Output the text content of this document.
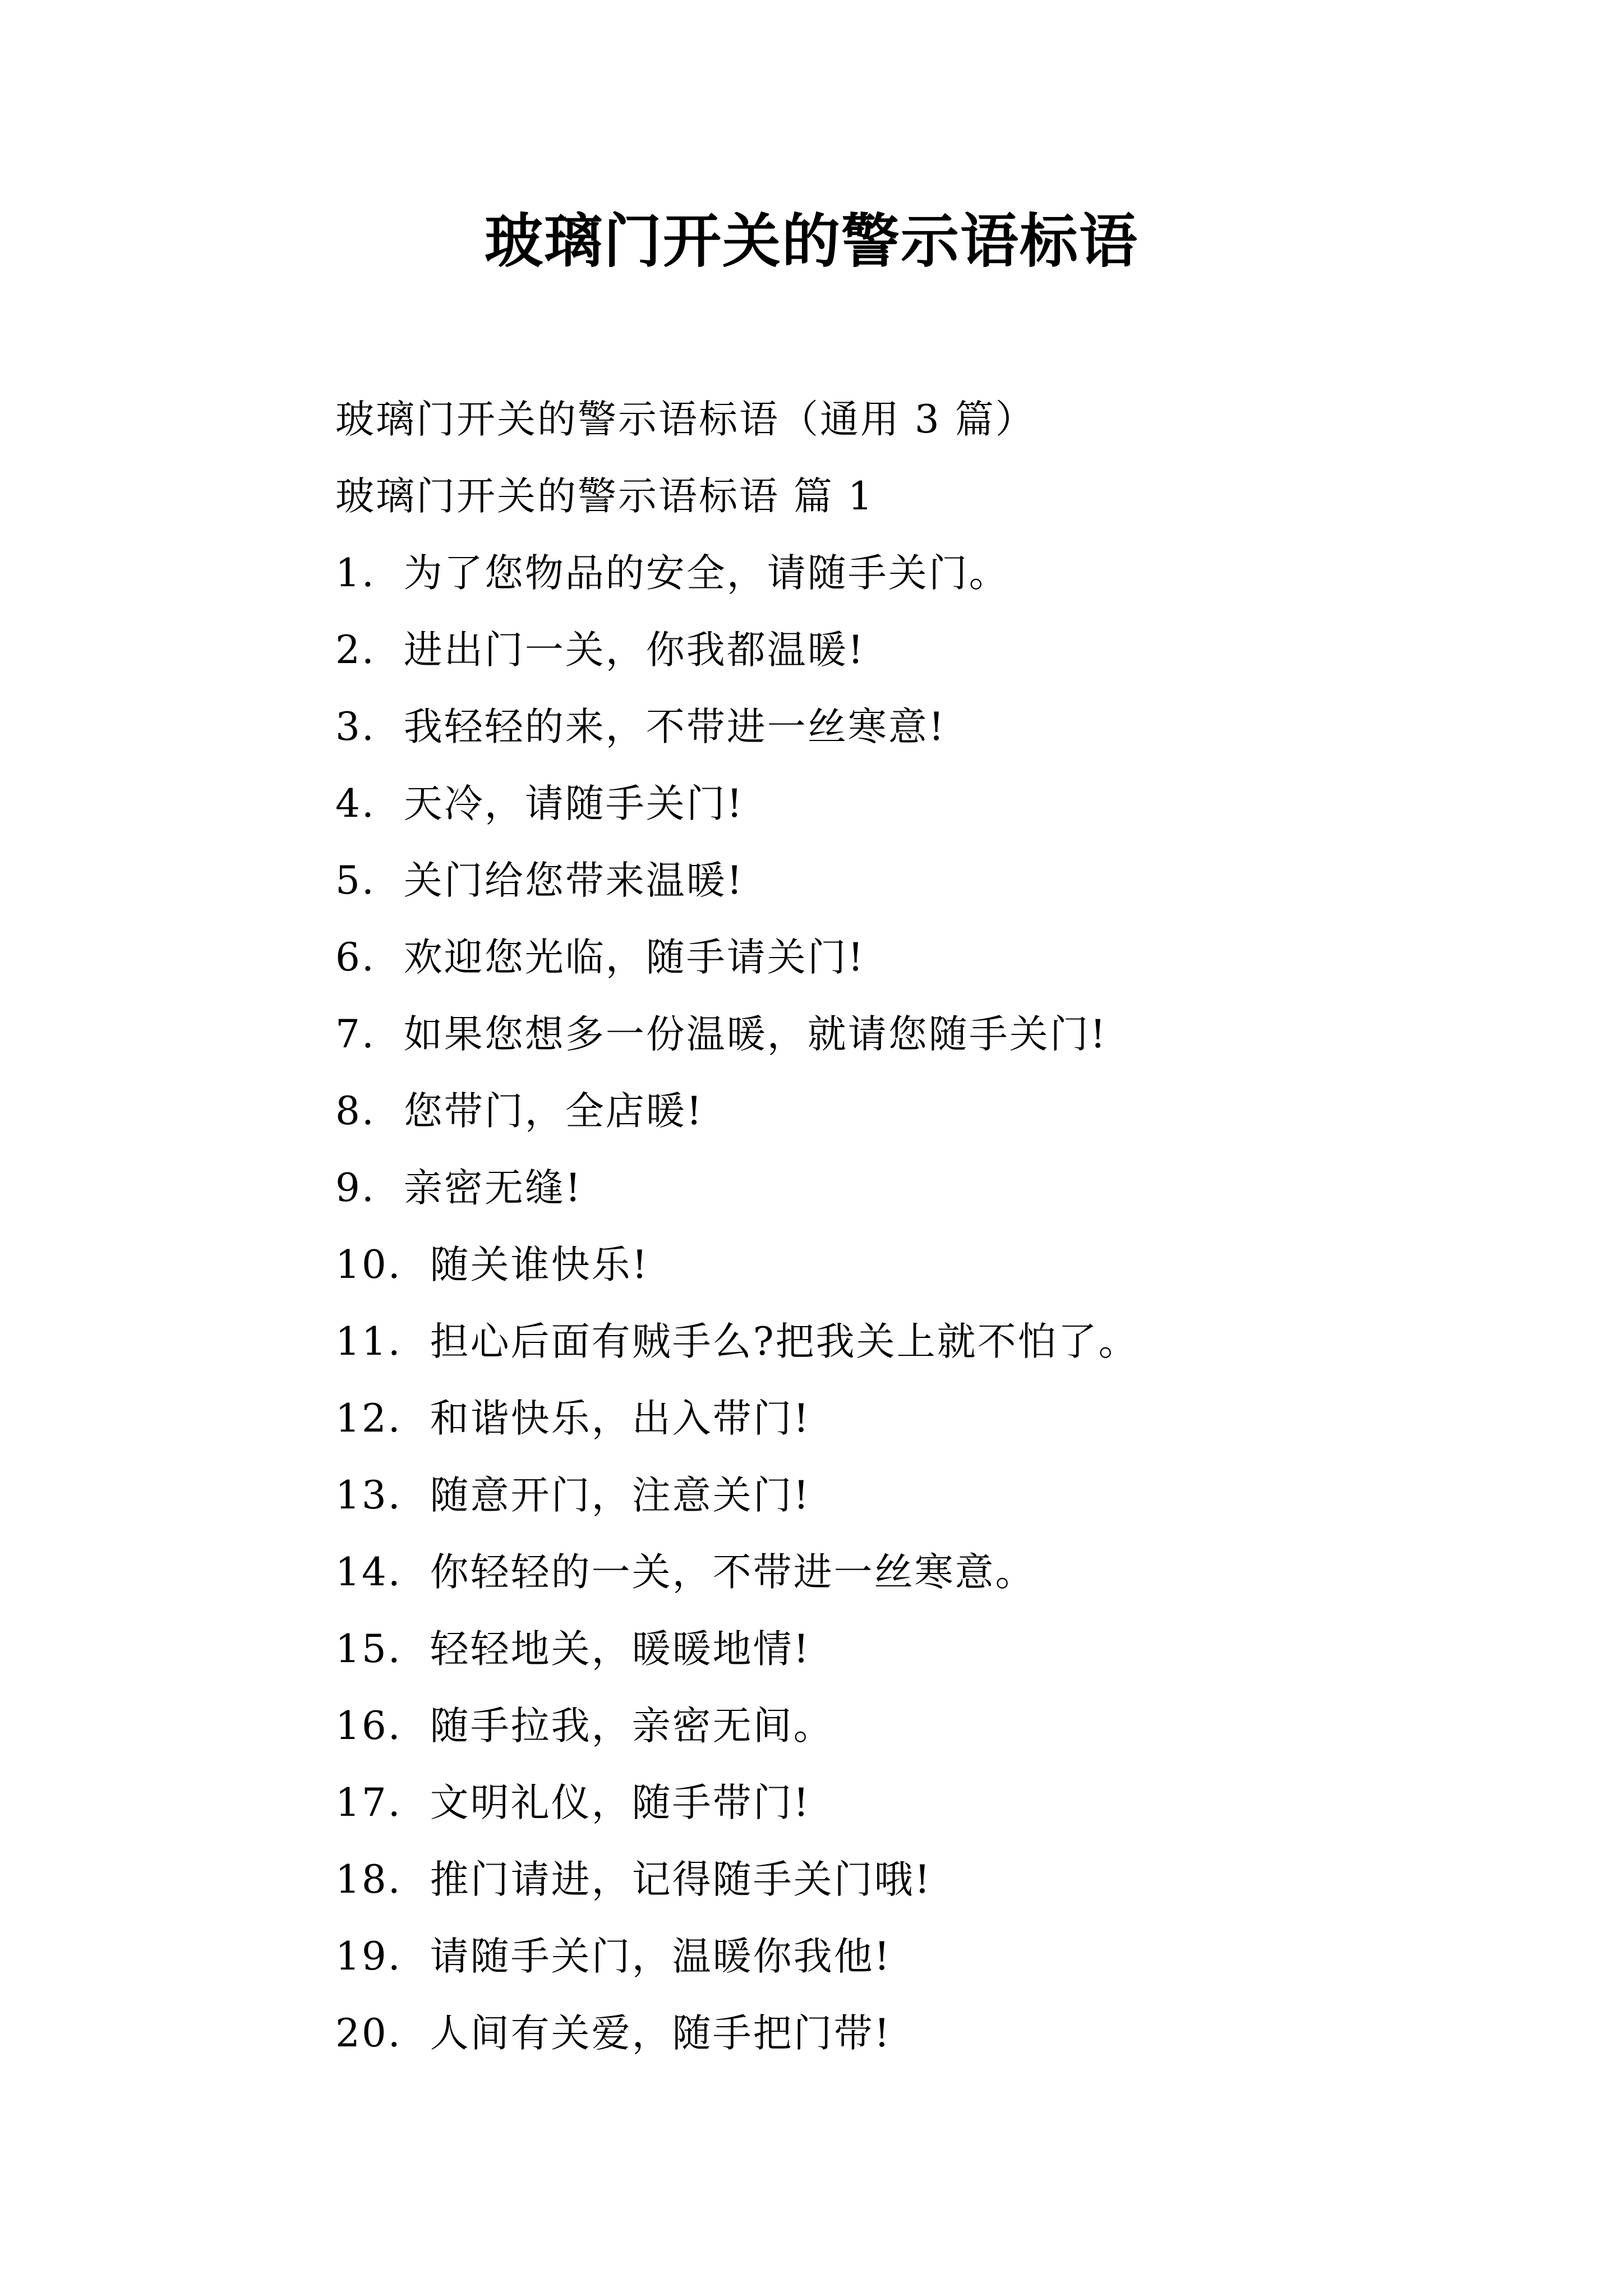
玻璃门开关的警示语标语

玻璃门开关的警示语标语（通用 3 篇）

玻璃门开关的警示语标语 篇 1

1. 为了您物品的安全，请随手关门。

2. 进出门一关，你我都温暖!

3. 我轻轻的来，不带进一丝寒意!

4. 天冷，请随手关门!

5. 关门给您带来温暖!

6. 欢迎您光临，随手请关门!

7. 如果您想多一份温暖，就请您随手关门!

8. 您带门，全店暖!

9. 亲密无缝!

10. 随关谁快乐!

11. 担心后面有贼手么?把我关上就不怕了。

12. 和谐快乐，出入带门!

13. 随意开门，注意关门!

14. 你轻轻的一关，不带进一丝寒意。

15. 轻轻地关，暖暖地情!

16. 随手拉我，亲密无间。

17. 文明礼仪，随手带门!

18. 推门请进，记得随手关门哦!

19. 请随手关门，温暖你我他!

20. 人间有关爱，随手把门带!
